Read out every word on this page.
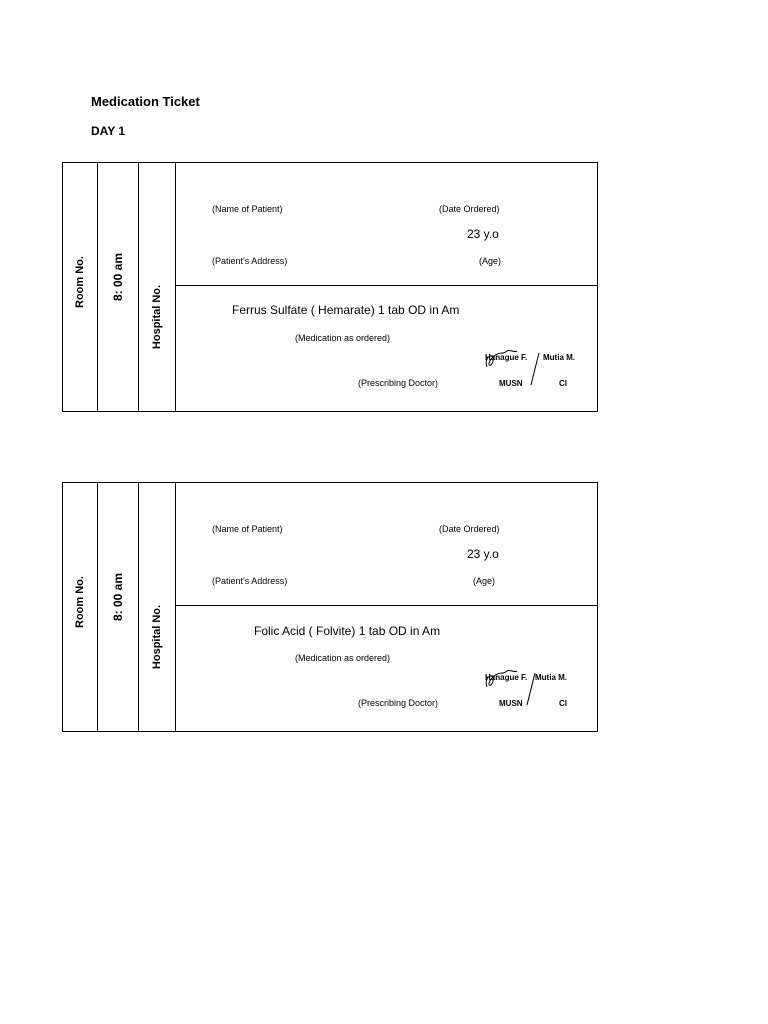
Medication Ticket
DAY 1
Room No. 8: 00 am
Hospital No.
(Name of Patient)	(Date Ordered)
23 y.o
(Patient's Address)	(Age)
Ferrus Sulfate ( Hemarate) 1 tab OD in Am
(Medication as ordered)
Hanague F. Mutia M.
(Prescribing Doctor)	MUSN	CI
Room No. 8: 00 am
Hospital No.
(Name of Patient)	(Date Ordered)
23 y.o
(Patient's Address)	(Age)
Folic Acid ( Folvite) 1 tab OD in Am
(Medication as ordered)
Hanague F. Mutia M.
(Prescribing Doctor)	MUSN	CI
